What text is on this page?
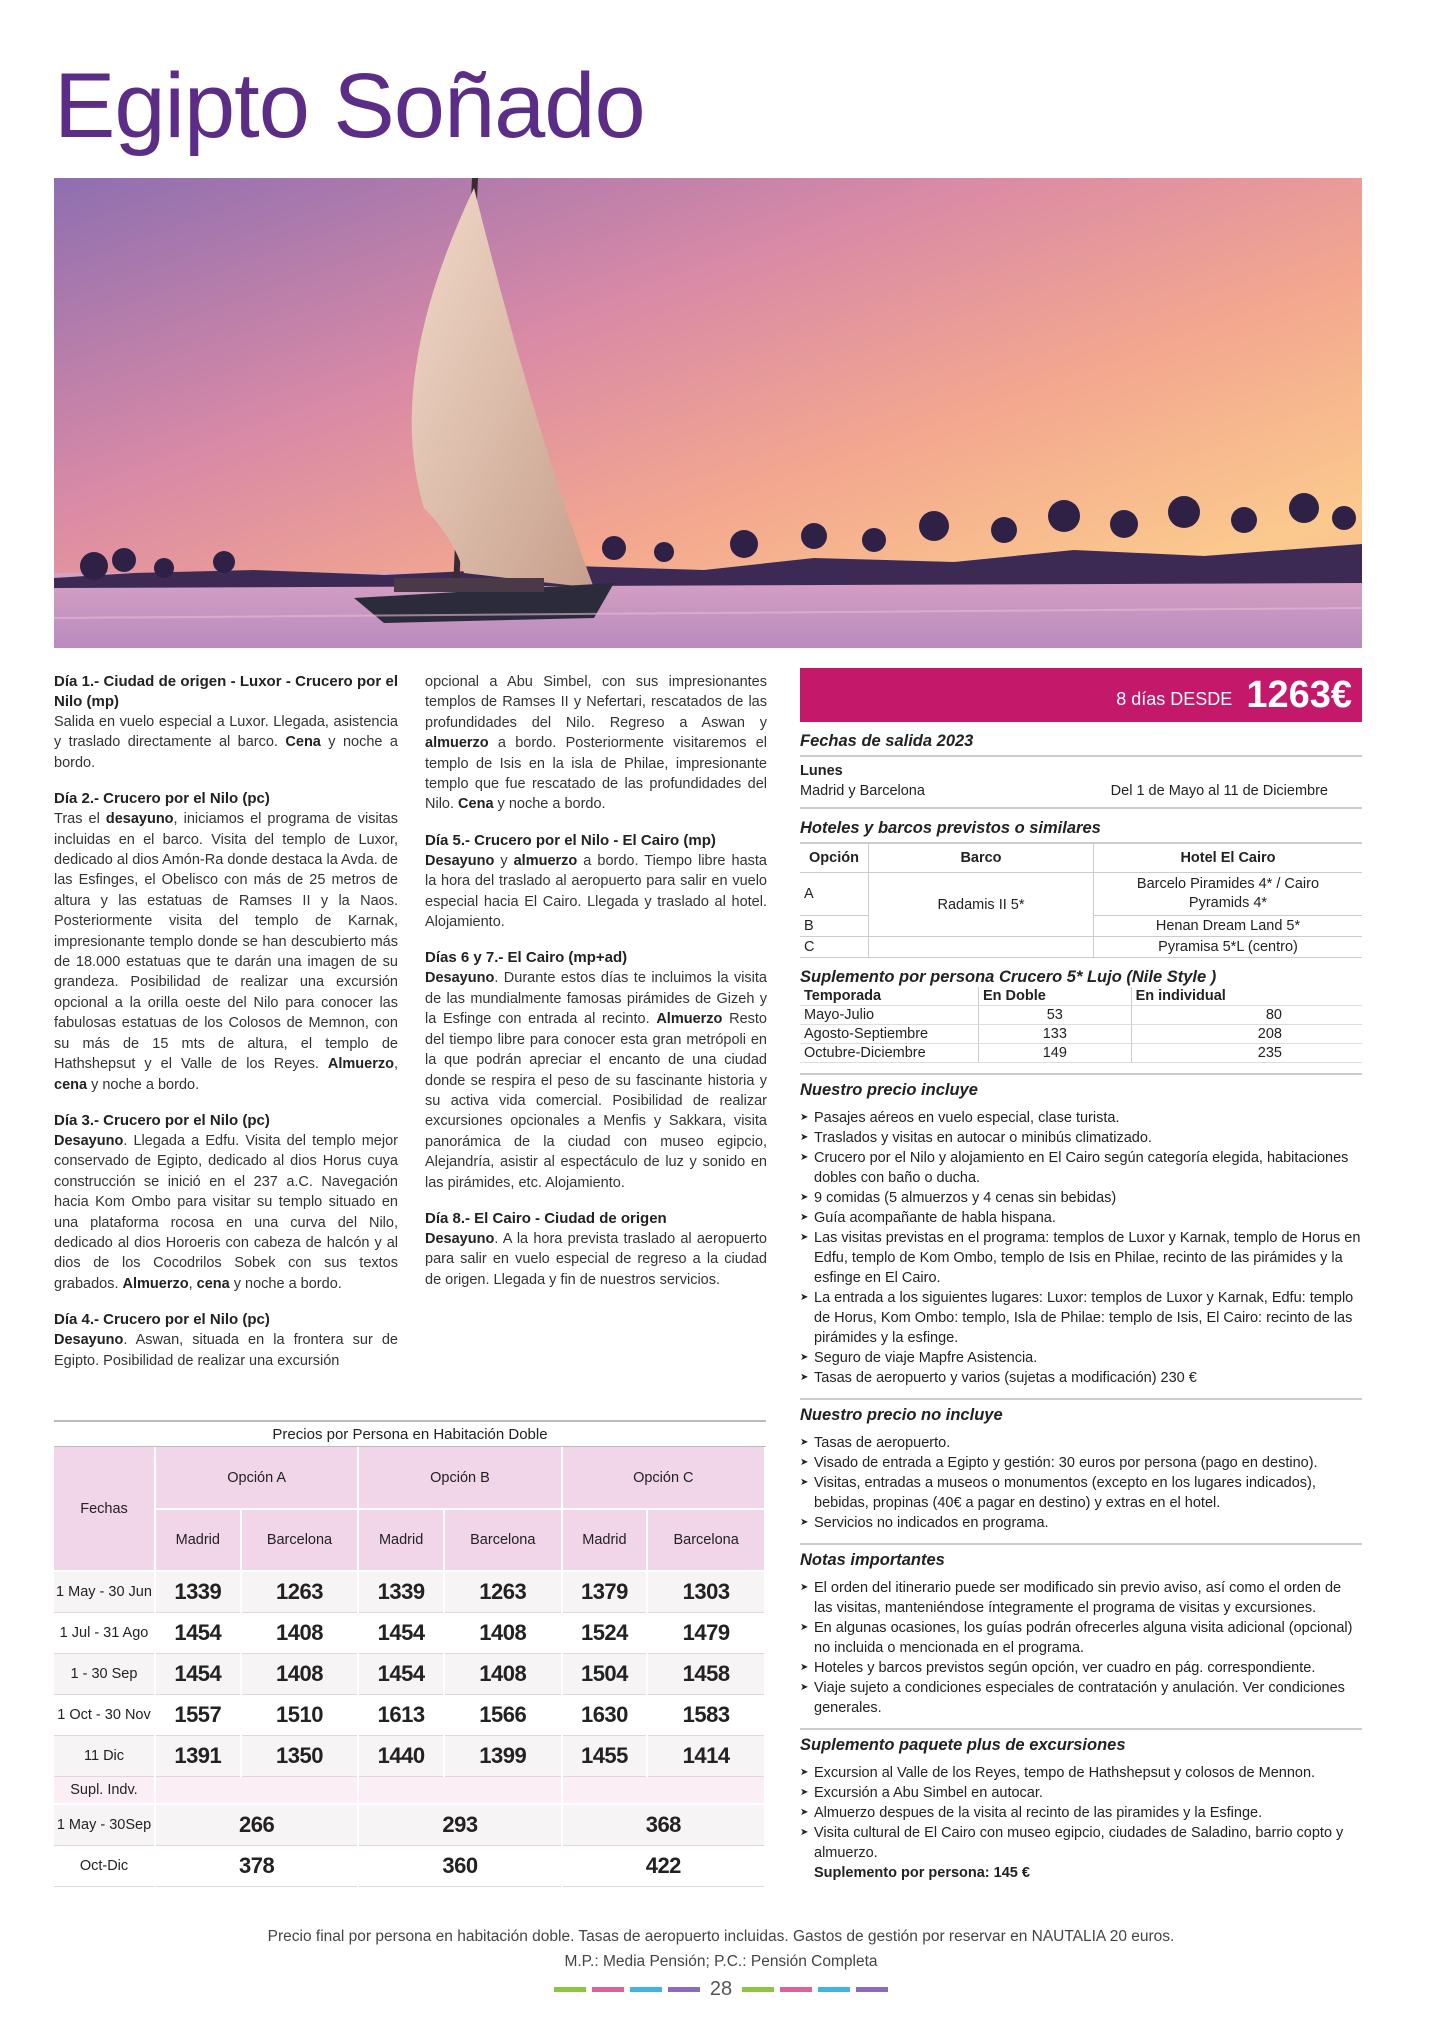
Egipto Soñado
Día 1.- Ciudad de origen - Luxor - Crucero por el Nilo (mp)

Salida en vuelo especial a Luxor. Llegada, asistencia y traslado directamente al barco. Cena y noche a bordo.

Día 2.- Crucero por el Nilo (pc)

Tras el desayuno, iniciamos el programa de visitas incluidas en el barco. Visita del templo de Luxor, dedicado al dios Amón-Ra donde destaca la Avda. de las Esfinges, el Obelisco con más de 25 metros de altura y las estatuas de Ramses II y la Naos. Posteriormente visita del templo de Karnak, impresionante templo donde se han descubierto más de 18.000 estatuas que te darán una imagen de su grandeza. Posibilidad de realizar una excursión opcional a la orilla oeste del Nilo para conocer las fabulosas estatuas de los Colosos de Memnon, con su más de 15 mts de altura, el templo de Hathshepsut y el Valle de los Reyes. Almuerzo, cena y noche a bordo.

Día 3.- Crucero por el Nilo (pc)

Desayuno. Llegada a Edfu. Visita del templo mejor conservado de Egipto, dedicado al dios Horus cuya construcción se inició en el 237 a.C. Navegación hacia Kom Ombo para visitar su templo situado en una plataforma rocosa en una curva del Nilo, dedicado al dios Horoeris con cabeza de halcón y al dios de los Cocodrilos Sobek con sus textos grabados. Almuerzo, cena y noche a bordo.

Día 4.- Crucero por el Nilo (pc)

Desayuno. Aswan, situada en la frontera sur de Egipto. Posibilidad de realizar una excursión

opcional a Abu Simbel, con sus impresionantes templos de Ramses II y Nefertari, rescatados de las profundidades del Nilo. Regreso a Aswan y almuerzo a bordo. Posteriormente visitaremos el templo de Isis en la isla de Philae, impresionante templo que fue rescatado de las profundidades del Nilo. Cena y noche a bordo.

Día 5.- Crucero por el Nilo - El Cairo (mp)

Desayuno y almuerzo a bordo. Tiempo libre hasta la hora del traslado al aeropuerto para salir en vuelo especial hacia El Cairo. Llegada y traslado al hotel. Alojamiento.

Días 6 y 7.- El Cairo (mp+ad)

Desayuno. Durante estos días te incluimos la visita de las mundialmente famosas pirámides de Gizeh y la Esfinge con entrada al recinto. Almuerzo Resto del tiempo libre para conocer esta gran metrópoli en la que podrán apreciar el encanto de una ciudad donde se respira el peso de su fascinante historia y su activa vida comercial. Posibilidad de realizar excursiones opcionales a Menfis y Sakkara, visita panorámica de la ciudad con museo egipcio, Alejandría, asistir al espectáculo de luz y sonido en las pirámides, etc. Alojamiento.

Día 8.- El Cairo - Ciudad de origen

Desayuno. A la hora prevista traslado al aeropuerto para salir en vuelo especial de regreso a la ciudad de origen. Llegada y fin de nuestros servicios.

8 días DESDE 1263€
Fechas de salida 2023
Lunes
Madrid y Barcelona	Del 1 de Mayo al 11 de Diciembre
Hoteles y barcos previstos o similares
Opción	Barco	Hotel El Cairo
A	Radamis II 5*	Barcelo Piramides 4* / Cairo Pyramids 4*
B		Henan Dream Land 5*
C		Pyramisa 5*L (centro)
Suplemento por persona Crucero 5* Lujo (Nile Style )
Temporada	En Doble	En individual
Mayo-Julio	53	80
Agosto-Septiembre	133	208
Octubre-Diciembre	149	235
Nuestro precio incluye
➤ Pasajes aéreos en vuelo especial, clase turista.
➤ Traslados y visitas en autocar o minibús climatizado.
➤ Crucero por el Nilo y alojamiento en El Cairo según categoría elegida, habitaciones dobles con baño o ducha.
➤ 9 comidas (5 almuerzos y 4 cenas sin bebidas)
➤ Guía acompañante de habla hispana.
➤ Las visitas previstas en el programa: templos de Luxor y Karnak, templo de Horus en Edfu, templo de Kom Ombo, templo de Isis en Philae, recinto de las pirámides y la esfinge en El Cairo.
➤ La entrada a los siguientes lugares: Luxor: templos de Luxor y Karnak, Edfu: templo de Horus, Kom Ombo: templo, Isla de Philae: templo de Isis, El Cairo: recinto de las pirámides y la esfinge.
➤ Seguro de viaje Mapfre Asistencia.
➤ Tasas de aeropuerto y varios (sujetas a modificación) 230 €
Nuestro precio no incluye
➤ Tasas de aeropuerto.
➤ Visado de entrada a Egipto y gestión: 30 euros por persona (pago en destino).
➤ Visitas, entradas a museos o monumentos (excepto en los lugares indicados), bebidas, propinas (40€ a pagar en destino) y extras en el hotel.
➤ Servicios no indicados en programa.
Notas importantes
➤ El orden del itinerario puede ser modificado sin previo aviso, así como el orden de las visitas, manteniéndose íntegramente el programa de visitas y excursiones.
➤ En algunas ocasiones, los guías podrán ofrecerles alguna visita adicional (opcional) no incluida o mencionada en el programa.
➤ Hoteles y barcos previstos según opción, ver cuadro en pág. correspondiente.
➤ Viaje sujeto a condiciones especiales de contratación y anulación. Ver condiciones generales.
Suplemento paquete plus de excursiones
➤ Excursion al Valle de los Reyes, tempo de Hathshepsut y colosos de Mennon.
➤ Excursión a Abu Simbel en autocar.
➤ Almuerzo despues de la visita al recinto de las piramides y la Esfinge.
➤ Visita cultural de El Cairo con museo egipcio, ciudades de Saladino, barrio copto y almuerzo.
Suplemento por persona: 145 €
Precios por Persona en Habitación Doble
Fechas	Opción A		Opción B		Opción C	
	Madrid	Barcelona	Madrid	Barcelona	Madrid	Barcelona
1 May - 30 Jun	1339	1263	1339	1263	1379	1303
1 Jul - 31 Ago	1454	1408	1454	1408	1524	1479
1 - 30 Sep	1454	1408	1454	1408	1504	1458
1 Oct - 30 Nov	1557	1510	1613	1566	1630	1583
11 Dic	1391	1350	1440	1399	1455	1414
Supl. Indv.						
1 May - 30Sep	266		293		368	
Oct-Dic	378		360		422	
Precio final por persona en habitación doble. Tasas de aeropuerto incluidas. Gastos de gestión por reservar en NAUTALIA 20 euros.
M.P.: Media Pensión; P.C.: Pensión Completa
28
